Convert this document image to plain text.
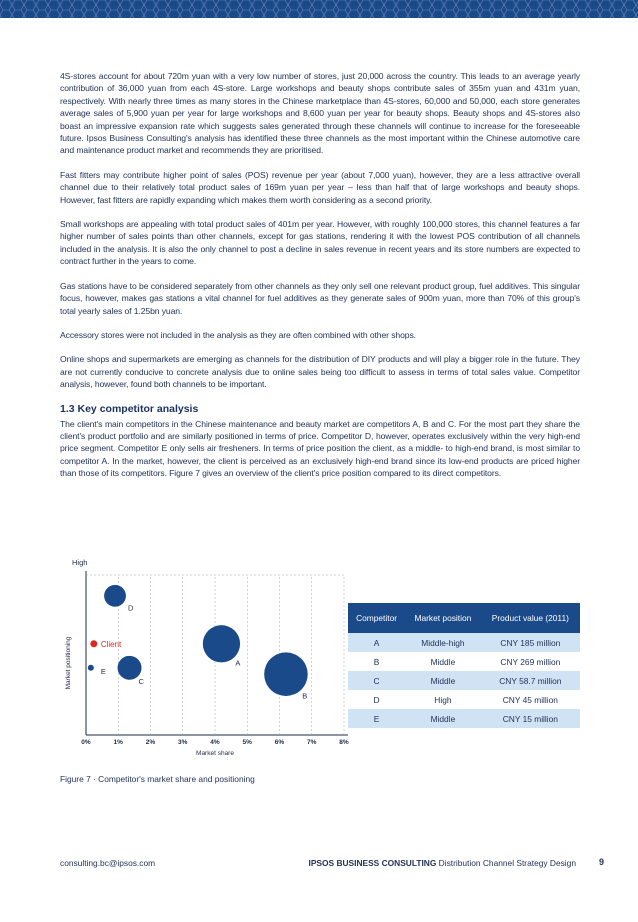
4S-stores account for about 720m yuan with a very low number of stores, just 20,000 across the country. This leads to an average yearly contribution of 36,000 yuan from each 4S-store. Large workshops and beauty shops contribute sales of 355m yuan and 431m yuan, respectively. With nearly three times as many stores in the Chinese marketplace than 4S-stores, 60,000 and 50,000, each store generates average sales of 5,900 yuan per year for large workshops and 8,600 yuan per year for beauty shops. Beauty shops and 4S-stores also boast an impressive expansion rate which suggests sales generated through these channels will continue to increase for the foreseeable future. Ipsos Business Consulting's analysis has identified these three channels as the most important within the Chinese automotive care and maintenance product market and recommends they are prioritised.

Fast fitters may contribute higher point of sales (POS) revenue per year (about 7,000 yuan), however, they are a less attractive overall channel due to their relatively total product sales of 169m yuan per year – less than half that of large workshops and beauty shops. However, fast fitters are rapidly expanding which makes them worth considering as a second priority.

Small workshops are appealing with total product sales of 401m per year. However, with roughly 100,000 stores, this channel features a far higher number of sales points than other channels, except for gas stations, rendering it with the lowest POS contribution of all channels included in the analysis. It is also the only channel to post a decline in sales revenue in recent years and its store numbers are expected to contract further in the years to come.

Gas stations have to be considered separately from other channels as they only sell one relevant product group, fuel additives. This singular focus, however, makes gas stations a vital channel for fuel additives as they generate sales of 900m yuan, more than 70% of this group's total yearly sales of 1.25bn yuan.

Accessory stores were not included in the analysis as they are often combined with other shops.

Online shops and supermarkets are emerging as channels for the distribution of DIY products and will play a bigger role in the future. They are not currently conducive to concrete analysis due to online sales being too difficult to assess in terms of total sales value. Competitor analysis, however, found both channels to be important.

1.3 Key competitor analysis

The client's main competitors in the Chinese maintenance and beauty market are competitors A, B and C. For the most part they share the client's product portfolio and are similarly positioned in terms of price. Competitor D, however, operates exclusively within the very high-end price segment. Competitor E only sells air fresheners. In terms of price position the client, as a middle- to high-end brand, is most similar to competitor A. In the market, however, the client is perceived as an exclusively high-end brand since its low-end products are priced higher than those of its competitors. Figure 7 gives an overview of the client's price position compared to its direct competitors.

0%	1%	2%	3%	4%	5%	6%	7%	8%
Market share
Market positioning
High
D
Client
A
E
C
B
Competitor	Market position	Product value (2011)
A	Middle-high	CNY 185 million
B	Middle	CNY 269 million
C	Middle	CNY 58.7 million
D	High	CNY 45 million
E	Middle	CNY 15 million
Figure 7 · Competitor's market share and positioning
consulting.bc@ipsos.com	IPSOS BUSINESS CONSULTING Distribution Channel Strategy Design	9
